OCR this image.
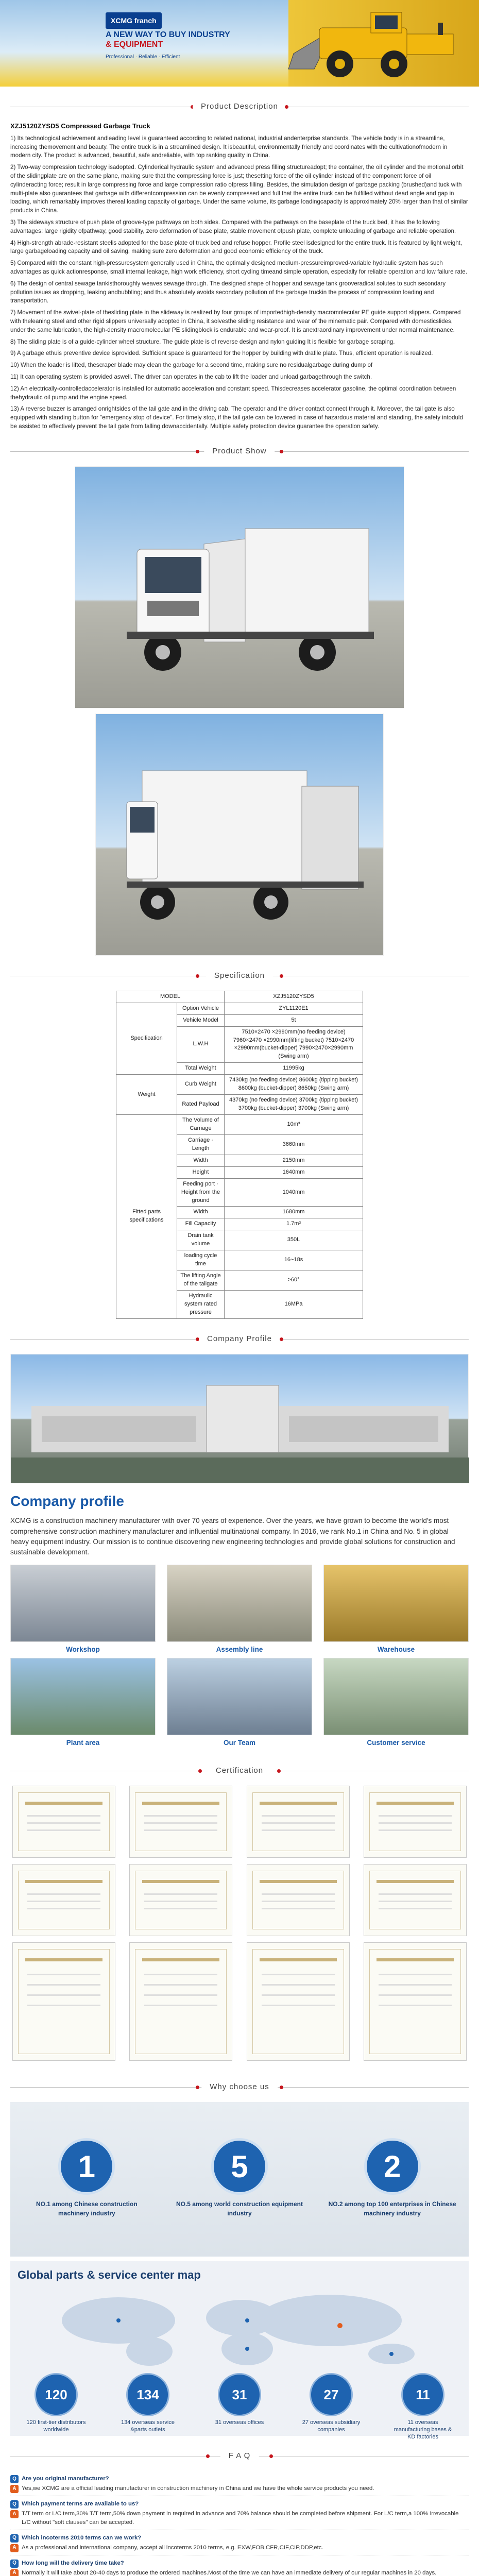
XCMG franch
A NEW WAY TO BUY INDUSTRY
& EQUIPMENT
Professional · Reliable · Efficient
Product Description
XZJ5120ZYSD5 Compressed Garbage Truck

1) Its technological achievement andleading level is guaranteed according to related national, industrial andenterprise standards. The vehicle body is in a streamline, increasing themovement and beauty. The entire truck is in a streamlined design. It isbeautiful, environmentally friendly and coordinates with the cultivationofmodern in modern city. The product is advanced, beautiful, safe andreliable, with top ranking quality in China.

2) Two-way compression technology isadopted. Cylinderical hydraulic system and advanced press filling structureadopt; the container, the oil cylinder and the motional orbit of the slidingplate are on the same plane, making sure that the compressing force is just; thesetting force of the oil cylinder instead of the component force of oil cylinderacting force; result in large compressing force and large compression ratio ofpress filling. Besides, the simulation design of garbage packing (brushed)and tuck with multi-plate also guarantees that garbage with differentcompression can be evenly compressed and full that the entire truck can be fulfilled without dead angle and gap in loading, which remarkably improves thereal loading capacity of garbage. Under the same volume, its garbage loadingcapacity is approximately 20% larger than that of similar products in China.

3) The sideways structure of push plate of groove-type pathways on both sides. Compared with the pathways on the baseplate of the truck bed, it has the following advantages: large rigidity ofpathway, good stability, zero deformation of base plate, stable movement ofpush plate, complete unloading of garbage and reliable operation.

4) High-strength abrade-resistant steelis adopted for the base plate of truck bed and refuse hopper. Profile steel isdesigned for the entire truck. It is featured by light weight, large garbageloading capacity and oil saving, making sure zero deformation and good economic efficiency of the truck.

5) Compared with the constant high-pressuresystem generally used in China, the optimally designed medium-pressureimproved-variable hydraulic system has such advantages as quick actionresponse, small internal leakage, high work efficiency, short cycling timeand simple operation, especially for reliable operation and low failure rate.

6) The design of central sewage tankisthoroughly weaves sewage through. The designed shape of hopper and sewage tank grooveradical solutes to such secondary pollution issues as dropping, leaking andbubbling; and thus absolutely avoids secondary pollution of the garbage truckin the process of compression loading and transportation.

7) Movement of the swivel-plate of thesliding plate in the slideway is realized by four groups of importedhigh-density macromolecular PE guide support slippers. Compared with theleaning steel and other rigid slippers universally adopted in China, it solvesthe sliding resistance and wear of the minematic pair. Compared with domesticslides, under the same lubrication, the high-density macromolecular PE slidingblock is endurable and wear-proof. It is anextraordinary improvement under normal maintenance.

8) The sliding plate is of a guide-cylinder wheel structure. The guide plate is of reverse design and nylon guiding It is flexible for garbage scraping.

9) A garbage ethuis preventive device isprovided. Sufficient space is guaranteed for the hopper by building with drafile plate. Thus, efficient operation is realized.

10) When the loader is lifted, thescraper blade may clean the garbage for a second time, making sure no residualgarbage during dump of

11) It can operating system is provided aswell. The driver can operates in the cab to lift the loader and unload garbagethrough the switch.

12) An electrically-controlledaccelerator is installed for automatic acceleration and constant speed. Thisdecreases accelerator gasoline, the optimal coordination between thehydraulic oil pump and the engine speed.

13) A reverse buzzer is arranged onrightsides of the tail gate and in the driving cab. The operator and the driver contact connect through it. Moreover, the tail gate is also equipped with standing button for "emergency stop of device". For timely stop, if the tail gate can be lowered in case of hazardous material and standing, the safety intoduld be assisted to effectively prevent the tail gate from falling downaccidentally. Multiple safety protection device guarantee the operation safety.

Product Show
Specification
MODEL		XZJ5120ZYSD5
Specification	Option Vehicle	ZYL1120E1
	Vehicle Model	5t
	L.W.H	7510×2470 ×2990mm(no feeding device) 7960×2470 ×2990mm(lifting bucket) 7510×2470 ×2990mm(bucket-dipper) 7990×2470×2990mm (Swing arm)
	Total Weight	11995kg
Weight	Curb Weight	7430kg (no feeding device) 8600kg (tipping bucket) 8600kg (bucket-dipper) 8650kg (Swing arm)
	Rated Payload	4370kg (no feeding device) 3700kg (tipping bucket) 3700kg (bucket-dipper) 3700kg (Swing arm)
Fitted parts specifications	The Volume of Carriage	10m³
	Carriage · Length	3660mm
	Width	2150mm
	Height	1640mm
	Feeding port · Height from the ground	1040mm
	Width	1680mm
	Fill Capacity	1.7m³
	Drain tank volume	350L
	loading cycle time	16~18s
	The lifting Angle of the tailgate	>60°
	Hydraulic system rated pressure	16MPa
Company Profile
Company profile

XCMG is a construction machinery manufacturer with over 70 years of experience. Over the years, we have grown to become the world's most comprehensive construction machinery manufacturer and influential multinational company. In 2016, we rank No.1 in China and No. 5 in global heavy equipment industry. Our mission is to continue discovering new engineering technologies and provide global solutions for construction and sustainable development.

Workshop	Assembly line	Warehouse
Plant area	Our Team	Customer service
Certification
Why choose us
1
NO.1 among Chinese construction machinery industry
5
NO.5 among world construction equipment industry
2
NO.2 among top 100 enterprises in Chinese machinery industry
Global parts & service center map
120
120 first-tier distributors worldwide
134
134 overseas service &parts outlets
31
31 overseas offices
27
27 overseas subsidiary companies
11
11 overseas manufacturing bases & KD factories
F A Q
Q Are you original manufacturer?
A Yes,we XCMG are a official leading manufacturer in construction machinery in China and we have the whole service products you need.
Q Which payment terms are available to us?
A T/T term or L/C term,30% T/T term,50% down payment in required in advance and 70% balance should be completed before shipment. For L/C term,a 100% irrevocable L/C without "soft clauses" can be accepted.
Q Which incoterms 2010 terms can we work?
A As a professional and international company, accept all incoterms 2010 terms, e.g. EXW,FOB,CFR,CIF,CIP,DDP,etc.
Q How long will the delivery time take?
A Normally it will take about 20-40 days to produce the ordered machines.Most of the time we can have an immediate delivery of our regular machines in 20 days.
